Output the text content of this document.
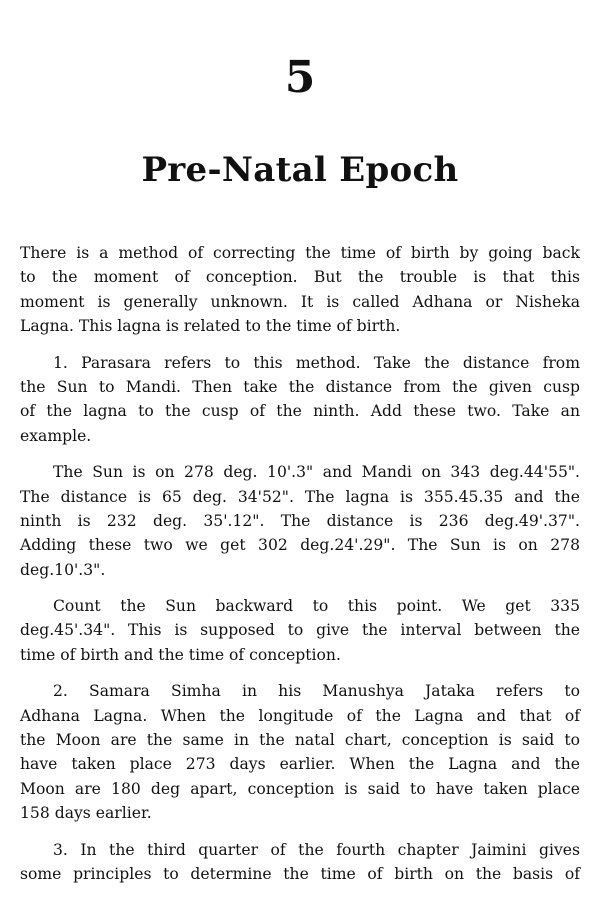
5
Pre-Natal Epoch
There is a method of correcting the time of birth by going back
to the moment of conception. But the trouble is that this
moment is generally unknown. It is called Adhana or Nisheka
Lagna. This lagna is related to the time of birth.
1. Parasara refers to this method. Take the distance from
the Sun to Mandi. Then take the distance from the given cusp
of the lagna to the cusp of the ninth. Add these two. Take an
example.
The Sun is on 278 deg. 10'.3" and Mandi on 343 deg.44'55".
The distance is 65 deg. 34'52". The lagna is 355.45.35 and the
ninth is 232 deg. 35'.12". The distance is 236 deg.49'.37".
Adding these two we get 302 deg.24'.29". The Sun is on 278
deg.10'.3".
Count the Sun backward to this point. We get 335
deg.45'.34". This is supposed to give the interval between the
time of birth and the time of conception.
2. Samara Simha in his Manushya Jataka refers to
Adhana Lagna. When the longitude of the Lagna and that of
the Moon are the same in the natal chart, conception is said to
have taken place 273 days earlier. When the Lagna and the
Moon are 180 deg apart, conception is said to have taken place
158 days earlier.
3. In the third quarter of the fourth chapter Jaimini gives
some principles to determine the time of birth on the basis of
